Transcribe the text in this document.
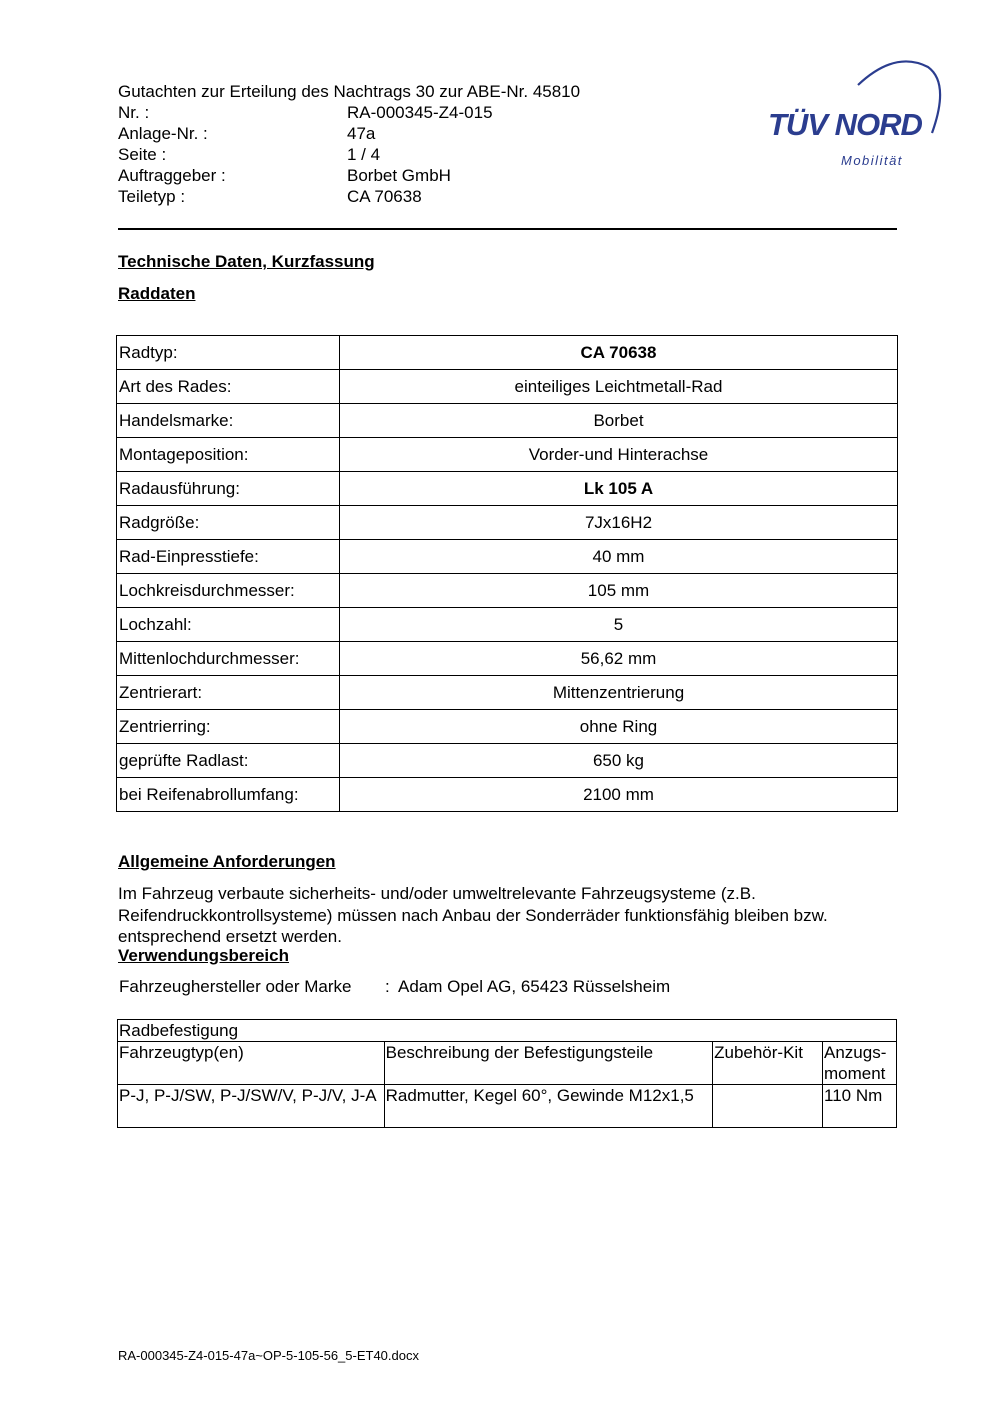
Gutachten zur Erteilung des Nachtrags 30 zur ABE-Nr. 45810
Nr. :	RA-000345-Z4-015
Anlage-Nr. :	47a
Seite :	1 / 4
Auftraggeber :	Borbet GmbH
Teiletyp :	CA 70638
TÜV NORD
Mobilität
Technische Daten, Kurzfassung
Raddaten
Radtyp:	CA 70638
Art des Rades:	einteiliges Leichtmetall-Rad
Handelsmarke:	Borbet
Montageposition:	Vorder-und Hinterachse
Radausführung:	Lk 105 A
Radgröße:	7Jx16H2
Rad-Einpresstiefe:	40 mm
Lochkreisdurchmesser:	105 mm
Lochzahl:	5
Mittenlochdurchmesser:	56,62 mm
Zentrierart:	Mittenzentrierung
Zentrierring:	ohne Ring
geprüfte Radlast:	650 kg
bei Reifenabrollumfang:	2100 mm
Allgemeine Anforderungen
Im Fahrzeug verbaute sicherheits- und/oder umweltrelevante Fahrzeugsysteme (z.B. Reifendruckkontrollsysteme) müssen nach Anbau der Sonderräder funktionsfähig bleiben bzw. entsprechend ersetzt werden.
Verwendungsbereich
Fahrzeughersteller oder Marke	: Adam Opel AG, 65423 Rüsselsheim
Radbefestigung			
Fahrzeugtyp(en)	Beschreibung der Befestigungsteile	Zubehör-Kit	Anzugs-
moment
P-J, P-J/SW, P-J/SW/V, P-J/V, J-A	Radmutter, Kegel 60°, Gewinde M12x1,5		110 Nm
RA-000345-Z4-015-47a~OP-5-105-56_5-ET40.docx
